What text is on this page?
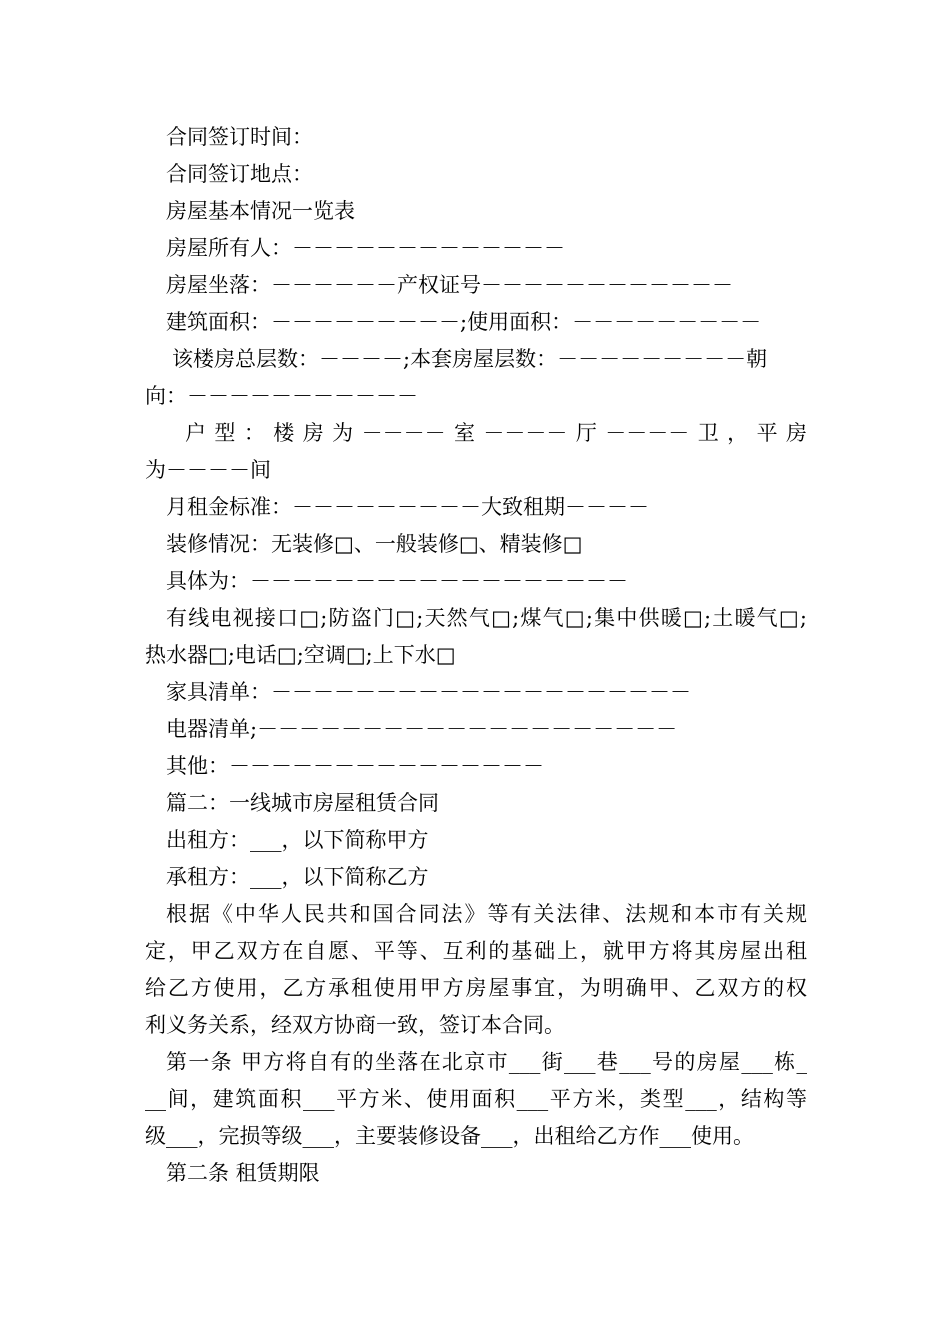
合同签订时间：
合同签订地点：
房屋基本情况一览表
房屋所有人：－－－－－－－－－－－－－
房屋坐落：－－－－－－产权证号－－－－－－－－－－－－
建筑面积：－－－－－－－－－;使用面积：－－－－－－－－－
该楼房总层数：－－－－;本套房屋层数：－－－－－－－－－朝
向：－－－－－－－－－－－
户型：楼房为－－－－室－－－－厅－－－－卫，平房
为－－－－间
月租金标准：－－－－－－－－－大致租期－－－－
装修情况：无装修□、一般装修□、精装修□
具体为：－－－－－－－－－－－－－－－－－－
有线电视接口□;防盗门□;天然气□;煤气□;集中供暖□;土暖气□;
热水器□;电话□;空调□;上下水□
家具清单：－－－－－－－－－－－－－－－－－－－－
电器清单;－－－－－－－－－－－－－－－－－－－－
其他：－－－－－－－－－－－－－－－
篇二：一线城市房屋租赁合同
出租方：___，以下简称甲方
承租方：___，以下简称乙方
根据《中华人民共和国合同法》等有关法律、法规和本市有关规
定，甲乙双方在自愿、平等、互利的基础上，就甲方将其房屋出租
给乙方使用，乙方承租使用甲方房屋事宜，为明确甲、乙双方的权
利义务关系，经双方协商一致，签订本合同。
第一条 甲方将自有的坐落在北京市___街___巷___号的房屋___栋_
__间，建筑面积___平方米、使用面积___平方米，类型___，结构等
级___，完损等级___，主要装修设备___，出租给乙方作___使用。
第二条 租赁期限
